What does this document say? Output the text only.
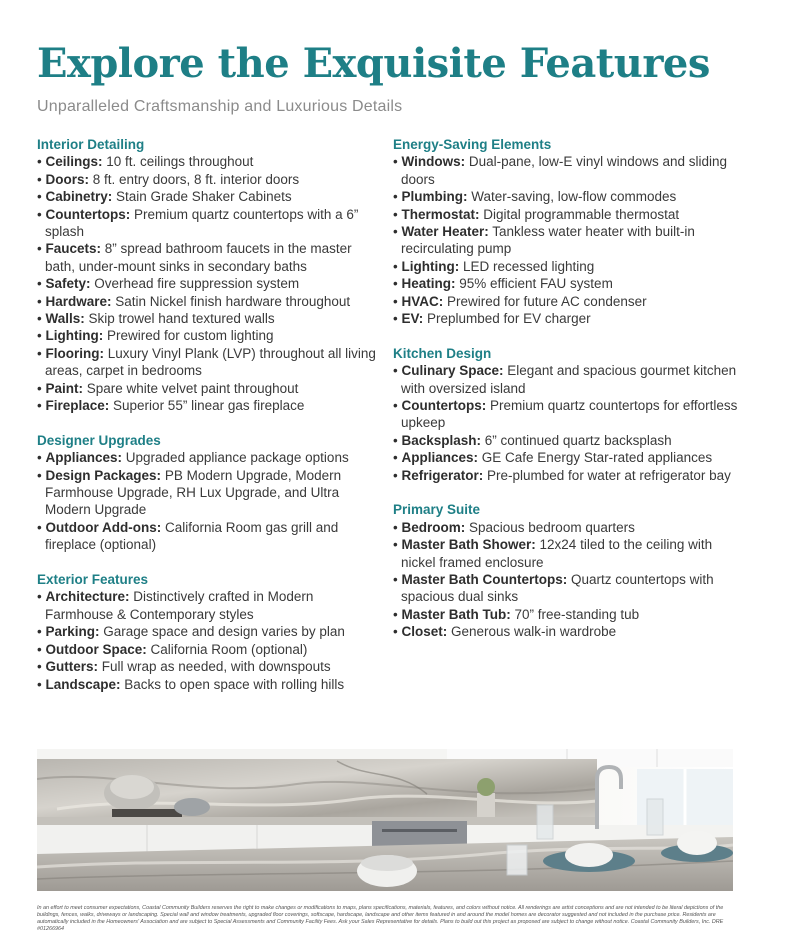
Explore the Exquisite Features
Unparalleled Craftsmanship and Luxurious Details
Interior Detailing
• Ceilings: 10 ft. ceilings throughout
• Doors: 8 ft. entry doors, 8 ft. interior doors
• Cabinetry: Stain Grade Shaker Cabinets
• Countertops: Premium quartz countertops with a 6” splash
• Faucets: 8” spread bathroom faucets in the master bath, under-mount sinks in secondary baths
• Safety: Overhead fire suppression system
• Hardware: Satin Nickel finish hardware throughout
• Walls: Skip trowel hand textured walls
• Lighting: Prewired for custom lighting
• Flooring: Luxury Vinyl Plank (LVP) throughout all living areas, carpet in bedrooms
• Paint: Spare white velvet paint throughout
• Fireplace: Superior 55” linear gas fireplace
Designer Upgrades
• Appliances: Upgraded appliance package options
• Design Packages: PB Modern Upgrade, Modern Farmhouse Upgrade, RH Lux Upgrade, and Ultra Modern Upgrade
• Outdoor Add-ons: California Room gas grill and fireplace (optional)
Exterior Features
• Architecture: Distinctively crafted in Modern Farmhouse & Contemporary styles
• Parking: Garage space and design varies by plan
• Outdoor Space: California Room (optional)
• Gutters: Full wrap as needed, with downspouts
• Landscape: Backs to open space with rolling hills
Energy-Saving Elements
• Windows: Dual-pane, low-E vinyl windows and sliding doors
• Plumbing: Water-saving, low-flow commodes
• Thermostat: Digital programmable thermostat
• Water Heater: Tankless water heater with built-in recirculating pump
• Lighting: LED recessed lighting
• Heating: 95% efficient FAU system
• HVAC: Prewired for future AC condenser
• EV: Preplumbed for EV charger
Kitchen Design
• Culinary Space: Elegant and spacious gourmet kitchen with oversized island
• Countertops: Premium quartz countertops for effortless upkeep
• Backsplash: 6” continued quartz backsplash
• Appliances: GE Cafe Energy Star-rated appliances
• Refrigerator: Pre-plumbed for water at refrigerator bay
Primary Suite
• Bedroom: Spacious bedroom quarters
• Master Bath Shower: 12x24 tiled to the ceiling with nickel framed enclosure
• Master Bath Countertops: Quartz countertops with spacious dual sinks
• Master Bath Tub: 70” free-standing tub
• Closet: Generous walk-in wardrobe

In an effort to meet consumer expectations, Coastal Community Builders reserves the right to make changes or modifications to maps, plans specifications, materials, features, and colors without notice. All renderings are artist conceptions and are not intended to be literal depictions of the buildings, fences, walks, driveways or landscaping. Special wall and window treatments, upgraded floor coverings, softscape, hardscape, landscape and other items featured in and around the model homes are decorator suggested and not included in the purchase price. Residents are automatically included in the Homeowners' Association and are subject to Special Assessments and Community Facility Fees. Ask your Sales Representative for details. Plans to build out this project as proposed are subject to change without notice. Coastal Community Builders, Inc. DRE #01266964
